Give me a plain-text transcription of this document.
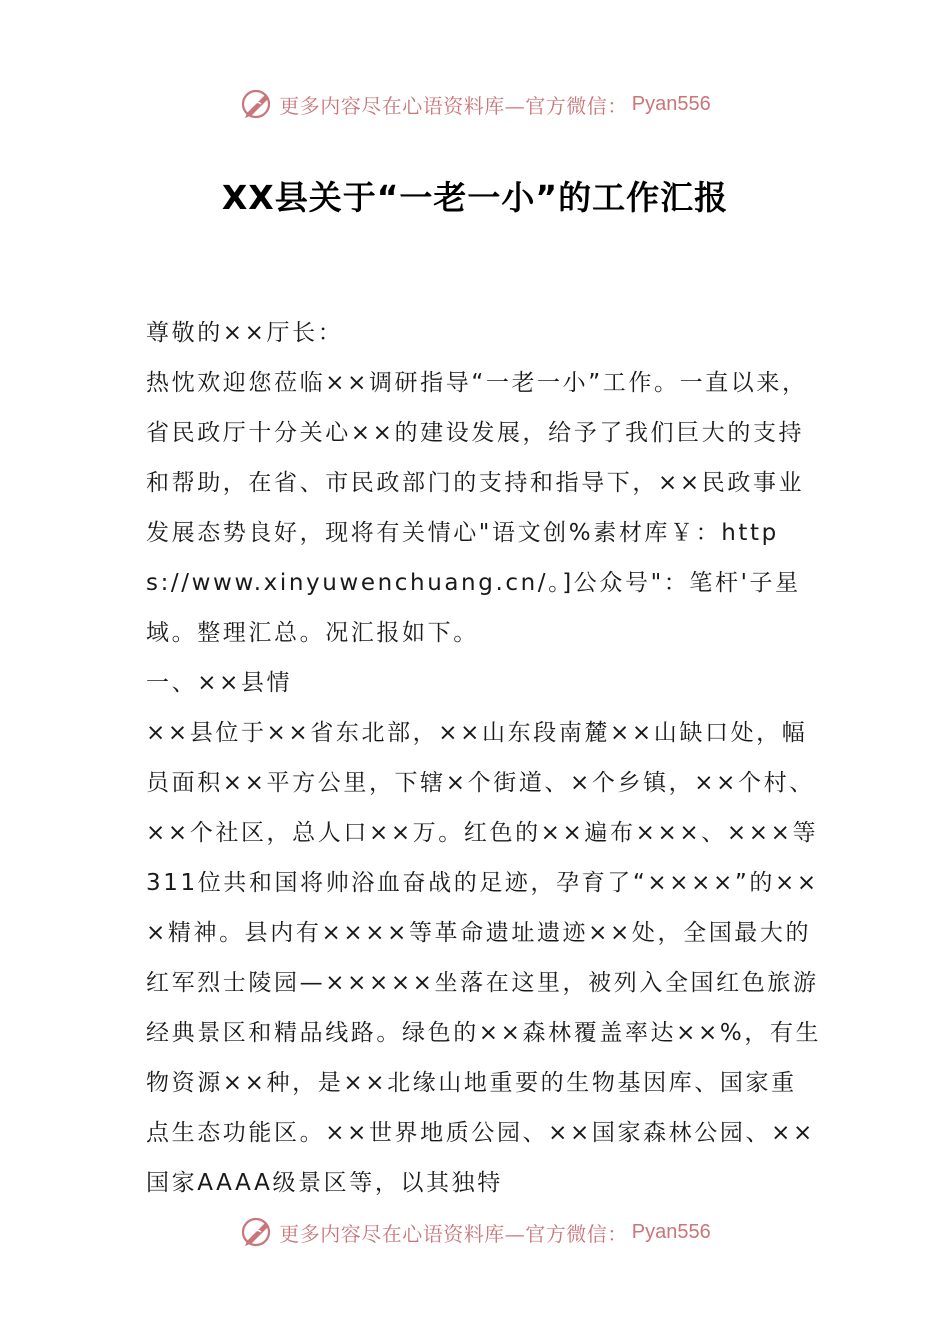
更多内容尽在心语资料库—官方微信： Pyan556
XX县关于“一老一小”的工作汇报

尊敬的××厅长：

热忱欢迎您莅临××调研指导“一老一小”工作。一直以来，省民政厅十分关心××的建设发展，给予了我们巨大的支持和帮助，在省、市民政部门的支持和指导下，××民政事业发展态势良好，现将有关情心"语文创%素材库￥：https://www.xinyuwenchuang.cn/。]公众号"：笔杆'子星域。整理汇总。况汇报如下。

一、××县情

××县位于××省东北部，××山东段南麓××山缺口处，幅员面积××平方公里，下辖×个街道、×个乡镇，××个村、××个社区，总人口××万。红色的××遍布×××、×××等311位共和国将帅浴血奋战的足迹，孕育了“××××”的×××精神。县内有××××等革命遗址遗迹××处，全国最大的红军烈士陵园—×××××坐落在这里，被列入全国红色旅游经典景区和精品线路。绿色的××森林覆盖率达××%，有生物资源××种，是××北缘山地重要的生物基因库、国家重点生态功能区。××世界地质公园、××国家森林公园、××国家AAAA级景区等，以其独特

更多内容尽在心语资料库—官方微信： Pyan556
